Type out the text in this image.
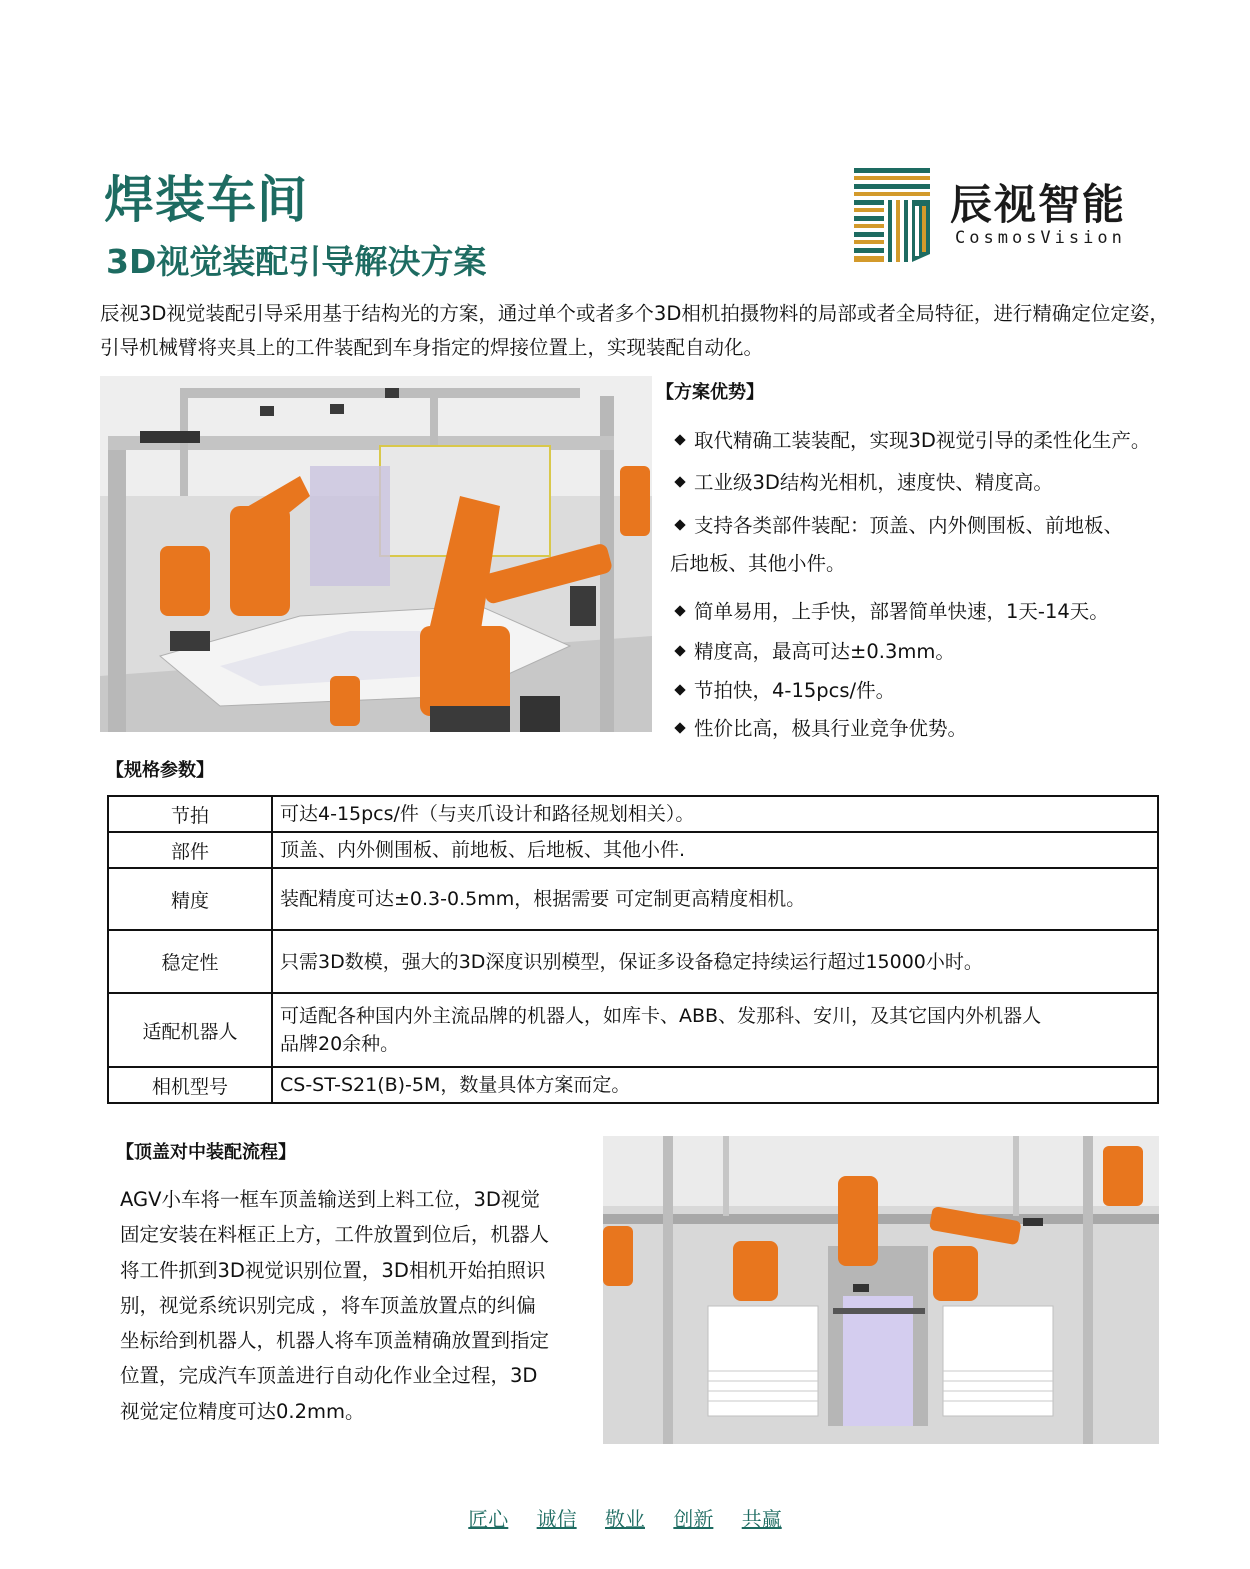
焊装车间
3D视觉装配引导解决方案
辰视智能
CosmosVision
辰视3D视觉装配引导采用基于结构光的方案，通过单个或者多个3D相机拍摄物料的局部或者全局特征，进行精确定位定姿，引导机械臂将夹具上的工件装配到车身指定的焊接位置上，实现装配自动化。
【方案优势】
取代精确工装装配，实现3D视觉引导的柔性化生产。
工业级3D结构光相机，速度快、精度高。
支持各类部件装配：顶盖、内外侧围板、前地板、
后地板、其他小件。
简单易用，上手快，部署简单快速，1天-14天。
精度高，最高可达±0.3mm。
节拍快，4-15pcs/件。
性价比高，极具行业竞争优势。
【规格参数】
节拍	可达4-15pcs/件（与夹爪设计和路径规划相关）。
部件	顶盖、内外侧围板、前地板、后地板、其他小件.
精度	装配精度可达±0.3-0.5mm，根据需要 可定制更高精度相机。
稳定性	只需3D数模，强大的3D深度识别模型，保证多设备稳定持续运行超过15000小时。
适配机器人	可适配各种国内外主流品牌的机器人，如库卡、ABB、发那科、安川，及其它国内外机器人
品牌20余种。
相机型号	CS-ST-S21(B)-5M，数量具体方案而定。
【顶盖对中装配流程】
AGV小车将一框车顶盖输送到上料工位，3D视觉
固定安装在料框正上方，工件放置到位后，机器人
将工件抓到3D视觉识别位置，3D相机开始拍照识
别，视觉系统识别完成 ，将车顶盖放置点的纠偏
坐标给到机器人，机器人将车顶盖精确放置到指定
位置，完成汽车顶盖进行自动化作业全过程，3D
视觉定位精度可达0.2mm。
匠心 诚信 敬业 创新 共赢
